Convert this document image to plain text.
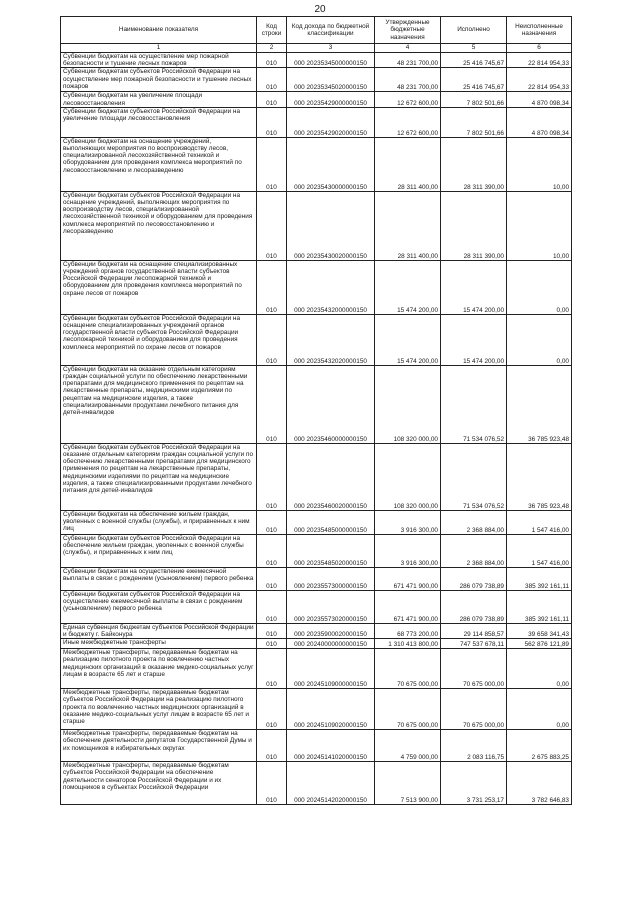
20
Наименование показателя	Код строки	Код дохода по бюджетной классификации	Утвержденные бюджетные назначения	Исполнено	Неисполненные назначения
1	2	3	4	5	6
Субвенции бюджетам на осуществление мер пожарной безопасности и тушение лесных пожаров	010	000 20235345000000150	48 231 700,00	25 416 745,67	22 814 954,33
Субвенции бюджетам субъектов Российской Федерации на осуществление мер пожарной безопасности и тушение лесных пожаров	010	000 20235345020000150	48 231 700,00	25 416 745,67	22 814 954,33
Субвенции бюджетам на увеличение площади лесовосстановления	010	000 20235429000000150	12 672 600,00	7 802 501,66	4 870 098,34
Субвенции бюджетам субъектов Российской Федерации на увеличение площади лесовосстановления	010	000 20235429020000150	12 672 600,00	7 802 501,66	4 870 098,34
Субвенции бюджетам на оснащение учреждений, выполняющих мероприятия по воспроизводству лесов, специализированной лесохозяйственной техникой и оборудованием для проведения комплекса мероприятий по лесовосстановлению и лесоразведению	010	000 20235430000000150	28 311 400,00	28 311 390,00	10,00
Субвенции бюджетам субъектов Российской Федерации на оснащение учреждений, выполняющих мероприятия по воспроизводству лесов, специализированной лесохозяйственной техникой и оборудованием для проведения комплекса мероприятий по лесовосстановлению и лесоразведению	010	000 20235430020000150	28 311 400,00	28 311 390,00	10,00
Субвенции бюджетам на оснащение специализированных учреждений органов государственной власти субъектов Российской Федерации лесопожарной техникой и оборудованием для проведения комплекса мероприятий по охране лесов от пожаров	010	000 20235432000000150	15 474 200,00	15 474 200,00	0,00
Субвенции бюджетам субъектов Российской Федерации на оснащение специализированных учреждений органов государственной власти субъектов Российской Федерации лесопожарной техникой и оборудованием для проведения комплекса мероприятий по охране лесов от пожаров	010	000 20235432020000150	15 474 200,00	15 474 200,00	0,00
Субвенции бюджетам на оказание отдельным категориям граждан социальной услуги по обеспечению лекарственными препаратами для медицинского применения по рецептам на лекарственные препараты, медицинскими изделиями по рецептам на медицинские изделия, а также специализированными продуктами лечебного питания для детей-инвалидов	010	000 20235460000000150	108 320 000,00	71 534 076,52	36 785 923,48
Субвенции бюджетам субъектов Российской Федерации на оказание отдельным категориям граждан социальной услуги по обеспечению лекарственными препаратами для медицинского применения по рецептам на лекарственные препараты, медицинскими изделиями по рецептам на медицинские изделия, а также специализированными продуктами лечебного питания для детей-инвалидов	010	000 20235460020000150	108 320 000,00	71 534 076,52	36 785 923,48
Субвенции бюджетам на обеспечение жильем граждан, уволенных с военной службы (службы), и приравненных к ним лиц	010	000 20235485000000150	3 916 300,00	2 368 884,00	1 547 416,00
Субвенции бюджетам субъектов Российской Федерации на обеспечение жильем граждан, уволенных с военной службы (службы), и приравненных к ним лиц	010	000 20235485020000150	3 916 300,00	2 368 884,00	1 547 416,00
Субвенции бюджетам на осуществление ежемесячной выплаты в связи с рождением (усыновлением) первого ребенка	010	000 20235573000000150	671 471 900,00	286 079 738,89	385 392 161,11
Субвенции бюджетам субъектов Российской Федерации на осуществление ежемесячной выплаты в связи с рождением (усыновлением) первого ребенка	010	000 20235573020000150	671 471 900,00	286 079 738,89	385 392 161,11
Единая субвенция бюджетам субъектов Российской Федерации и бюджету г. Байконура	010	000 20235900020000150	68 773 200,00	29 114 858,57	39 658 341,43
Иные межбюджетные трансферты	010	000 20240000000000150	1 310 413 800,00	747 537 678,11	562 876 121,89
Межбюджетные трансферты, передаваемые бюджетам на реализацию пилотного проекта по вовлечению частных медицинских организаций в оказание медико-социальных услуг лицам в возрасте 65 лет и старше	010	000 20245109000000150	70 675 000,00	70 675 000,00	0,00
Межбюджетные трансферты, передаваемые бюджетам субъектов Российской Федерации на реализацию пилотного проекта по вовлечению частных медицинских организаций в оказание медико-социальных услуг лицам в возрасте 65 лет и старше	010	000 20245109020000150	70 675 000,00	70 675 000,00	0,00
Межбюджетные трансферты, передаваемые бюджетам на обеспечение деятельности депутатов Государственной Думы и их помощников в избирательных округах	010	000 20245141020000150	4 759 000,00	2 083 116,75	2 675 883,25
Межбюджетные трансферты, передаваемые бюджетам субъектов Российской Федерации на обеспечение деятельности сенаторов Российской Федерации и их помощников в субъектах Российской Федерации	010	000 20245142020000150	7 513 900,00	3 731 253,17	3 782 646,83
